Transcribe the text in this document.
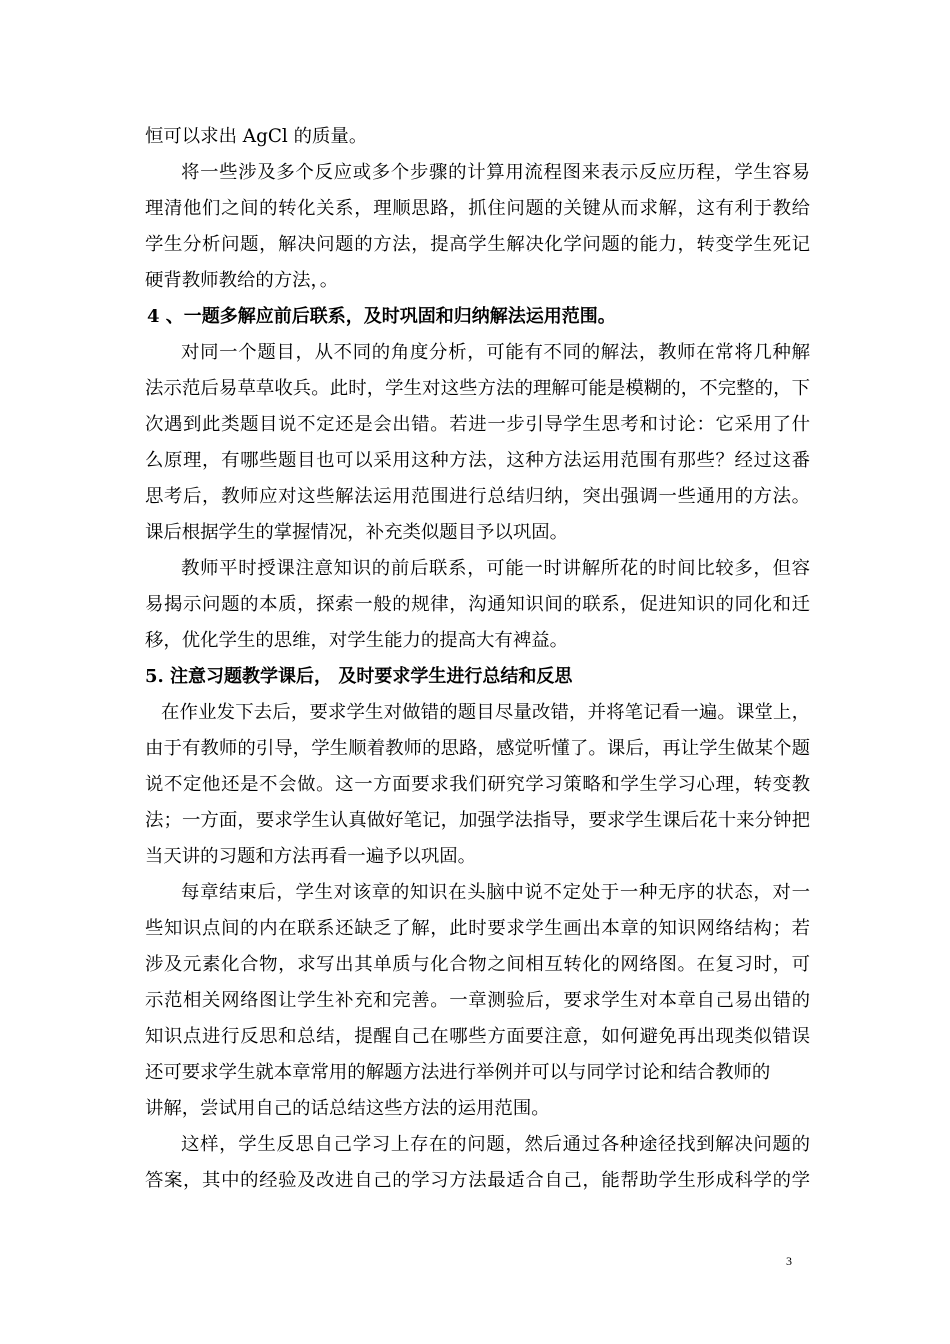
恒可以求出 AgCl 的质量。
将一些涉及多个反应或多个步骤的计算用流程图来表示反应历程，学生容易
理清他们之间的转化关系，理顺思路，抓住问题的关键从而求解，这有利于教给
学生分析问题，解决问题的方法，提高学生解决化学问题的能力，转变学生死记
硬背教师教给的方法，。
4 、一题多解应前后联系，及时巩固和归纳解法运用范围。
对同一个题目，从不同的角度分析，可能有不同的解法，教师在常将几种解
法示范后易草草收兵。此时，学生对这些方法的理解可能是模糊的，不完整的，下
次遇到此类题目说不定还是会出错。若进一步引导学生思考和讨论：它采用了什
么原理，有哪些题目也可以采用这种方法，这种方法运用范围有那些？经过这番
思考后，教师应对这些解法运用范围进行总结归纳，突出强调一些通用的方法。
课后根据学生的掌握情况，补充类似题目予以巩固。
教师平时授课注意知识的前后联系，可能一时讲解所花的时间比较多，但容
易揭示问题的本质，探索一般的规律，沟通知识间的联系，促进知识的同化和迁
移，优化学生的思维，对学生能力的提高大有裨益。
5. 注意习题教学课后， 及时要求学生进行总结和反思
在作业发下去后，要求学生对做错的题目尽量改错，并将笔记看一遍。课堂上，
由于有教师的引导，学生顺着教师的思路，感觉听懂了。课后，再让学生做某个题
说不定他还是不会做。这一方面要求我们研究学习策略和学生学习心理，转变教
法；一方面，要求学生认真做好笔记，加强学法指导，要求学生课后花十来分钟把
当天讲的习题和方法再看一遍予以巩固。
每章结束后，学生对该章的知识在头脑中说不定处于一种无序的状态，对一
些知识点间的内在联系还缺乏了解，此时要求学生画出本章的知识网络结构；若
涉及元素化合物，求写出其单质与化合物之间相互转化的网络图。在复习时，可
示范相关网络图让学生补充和完善。一章测验后，要求学生对本章自己易出错的
知识点进行反思和总结，提醒自己在哪些方面要注意，如何避免再出现类似错误
还可要求学生就本章常用的解题方法进行举例并可以与同学讨论和结合教师的
讲解，尝试用自己的话总结这些方法的运用范围。
这样，学生反思自己学习上存在的问题，然后通过各种途径找到解决问题的
答案，其中的经验及改进自己的学习方法最适合自己，能帮助学生形成科学的学
3
